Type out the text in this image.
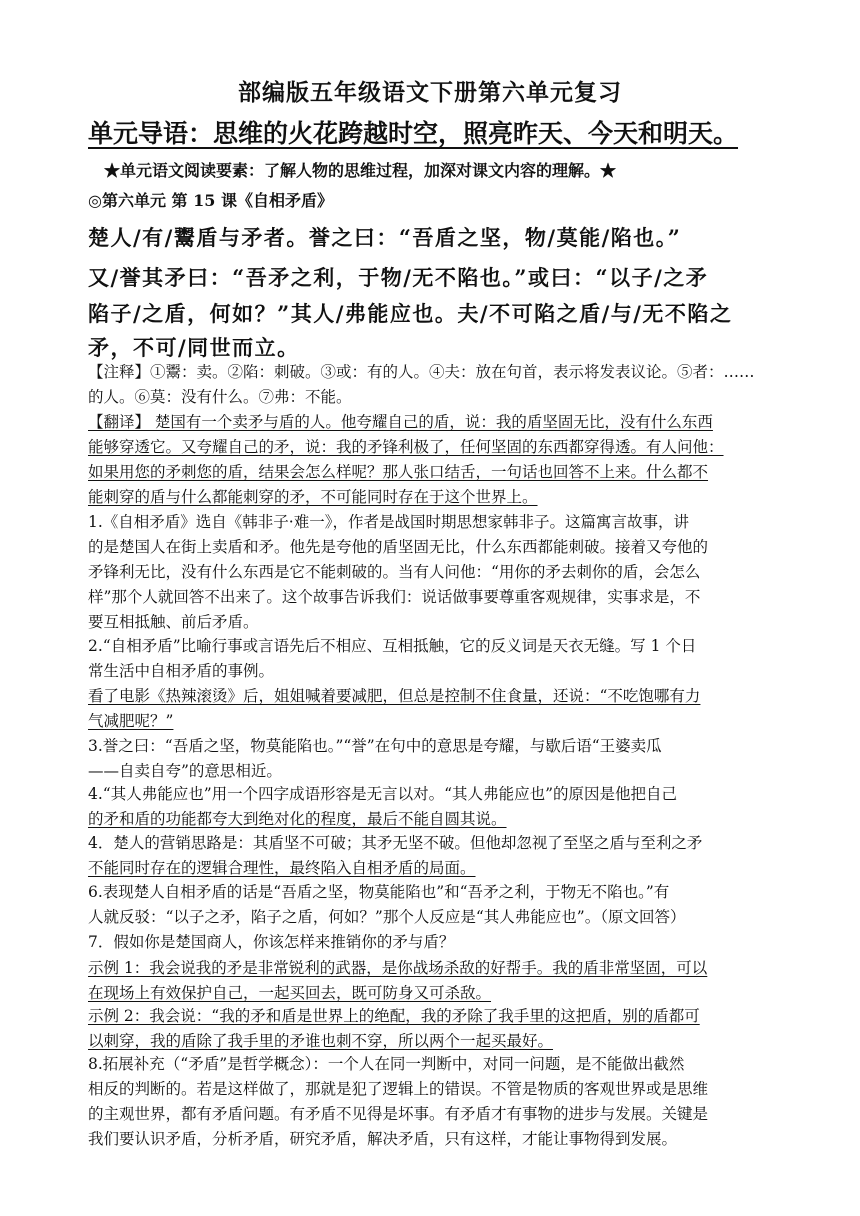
部编版五年级语文下册第六单元复习
单元导语：思维的火花跨越时空，照亮昨天、今天和明天。
★单元语文阅读要素：了解人物的思维过程，加深对课文内容的理解。★
◎第六单元 第 15 课《自相矛盾》
楚人/有/鬻盾与矛者。誉之曰：“吾盾之坚，物/莫能/陷也。”
又/誉其矛曰：“吾矛之利，于物/无不陷也。”或曰：“以子/之矛
陷子/之盾，何如？”其人/弗能应也。夫/不可陷之盾/与/无不陷之
矛，不可/同世而立。
【注释】①鬻：卖。②陷：刺破。③或：有的人。④夫：放在句首，表示将发表议论。⑤者：……
的人。⑥莫：没有什么。⑦弗：不能。
【翻译】 楚国有一个卖矛与盾的人。他夸耀自己的盾，说：我的盾坚固无比，没有什么东西
能够穿透它。又夸耀自己的矛，说：我的矛锋利极了，任何坚固的东西都穿得透。有人问他：
如果用您的矛刺您的盾，结果会怎么样呢？那人张口结舌，一句话也回答不上来。什么都不
能刺穿的盾与什么都能刺穿的矛，不可能同时存在于这个世界上。
1.《自相矛盾》选自《韩非子·难一》，作者是战国时期思想家韩非子。这篇寓言故事，讲
的是楚国人在街上卖盾和矛。他先是夸他的盾坚固无比，什么东西都能刺破。接着又夸他的
矛锋利无比，没有什么东西是它不能刺破的。当有人问他：“用你的矛去刺你的盾，会怎么
样”那个人就回答不出来了。这个故事告诉我们：说话做事要尊重客观规律，实事求是，不
要互相抵触、前后矛盾。
2.“自相矛盾”比喻行事或言语先后不相应、互相抵触，它的反义词是天衣无缝。写 1 个日
常生活中自相矛盾的事例。
看了电影《热辣滚烫》后，姐姐喊着要减肥，但总是控制不住食量，还说：“不吃饱哪有力
气减肥呢？”
3.誉之曰：“吾盾之坚，物莫能陷也。”“誉”在句中的意思是夸耀，与歇后语“王婆卖瓜
——自卖自夸”的意思相近。
4.“其人弗能应也”用一个四字成语形容是无言以对。“其人弗能应也”的原因是他把自己
的矛和盾的功能都夸大到绝对化的程度，最后不能自圆其说。
4．楚人的营销思路是：其盾坚不可破；其矛无坚不破。但他却忽视了至坚之盾与至利之矛
不能同时存在的逻辑合理性，最终陷入自相矛盾的局面。
6.表现楚人自相矛盾的话是“吾盾之坚，物莫能陷也”和“吾矛之利，于物无不陷也。”有
人就反驳：“以子之矛，陷子之盾，何如？”那个人反应是“其人弗能应也”。（原文回答）
7．假如你是楚国商人，你该怎样来推销你的矛与盾？
示例 1：我会说我的矛是非常锐利的武器，是你战场杀敌的好帮手。我的盾非常坚固，可以
在现场上有效保护自己，一起买回去，既可防身又可杀敌。
示例 2：我会说：“我的矛和盾是世界上的绝配，我的矛除了我手里的这把盾，别的盾都可
以刺穿，我的盾除了我手里的矛谁也刺不穿，所以两个一起买最好。
8.拓展补充（“矛盾”是哲学概念）：一个人在同一判断中，对同一问题，是不能做出截然
相反的判断的。若是这样做了，那就是犯了逻辑上的错误。不管是物质的客观世界或是思维
的主观世界，都有矛盾问题。有矛盾不见得是坏事。有矛盾才有事物的进步与发展。关键是
我们要认识矛盾，分析矛盾，研究矛盾，解决矛盾，只有这样，才能让事物得到发展。
